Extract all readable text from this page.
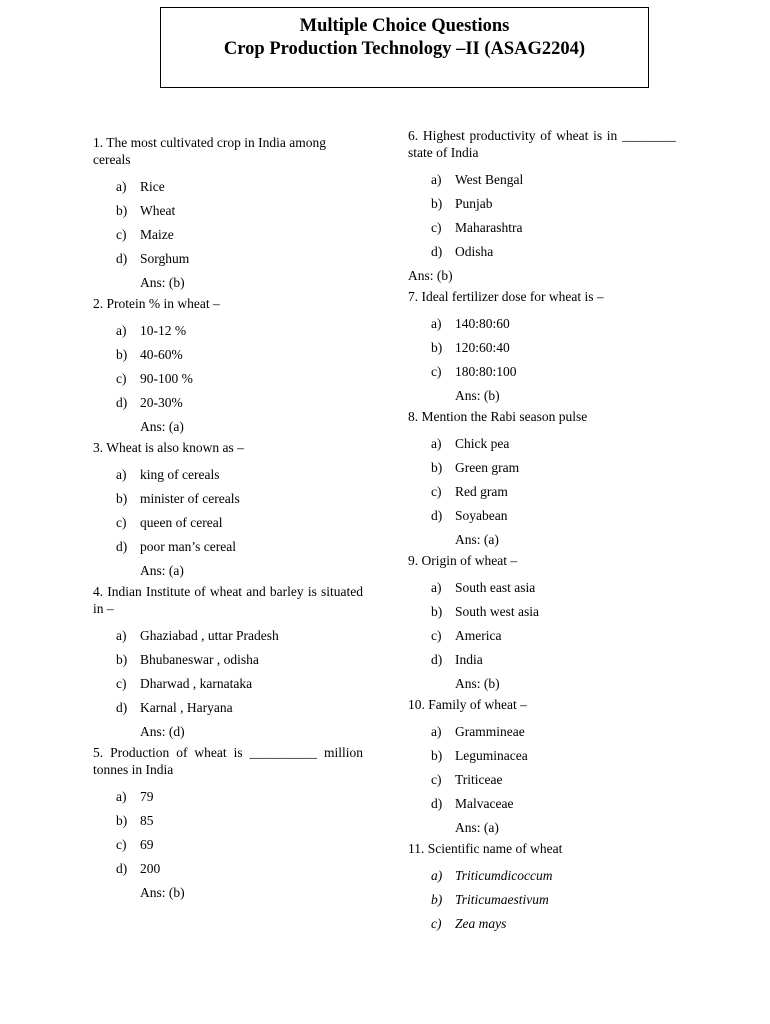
Multiple Choice Questions
Crop Production Technology –II (ASAG2204)
1. The most cultivated crop in India among cereals
a) Rice
b) Wheat
c) Maize
d) Sorghum
Ans: (b)
2. Protein % in wheat –
a) 10-12 %
b) 40-60%
c) 90-100 %
d) 20-30%
Ans: (a)
3. Wheat is also known as –
a) king of cereals
b) minister of cereals
c) queen of cereal
d) poor man’s cereal
Ans: (a)
4. Indian Institute of wheat and barley is situated in –
a) Ghaziabad , uttar Pradesh
b) Bhubaneswar , odisha
c) Dharwad , karnataka
d) Karnal , Haryana
Ans: (d)
5. Production of wheat is __________ million tonnes in India
a) 79
b) 85
c) 69
d) 200
Ans: (b)
6. Highest productivity of wheat is in ________ state of India
a) West Bengal
b) Punjab
c) Maharashtra
d) Odisha
Ans: (b)
7. Ideal fertilizer dose for wheat is –
a) 140:80:60
b) 120:60:40
c) 180:80:100
Ans: (b)
8. Mention the Rabi season pulse
a) Chick pea
b) Green gram
c) Red gram
d) Soyabean
Ans: (a)
9. Origin of wheat –
a) South east asia
b) South west asia
c) America
d) India
Ans: (b)
10. Family of wheat –
a) Grammineae
b) Leguminacea
c) Triticeae
d) Malvaceae
Ans: (a)
11. Scientific name of wheat
a) Triticumdicoccum
b) Triticumaestivum
c) Zea mays
